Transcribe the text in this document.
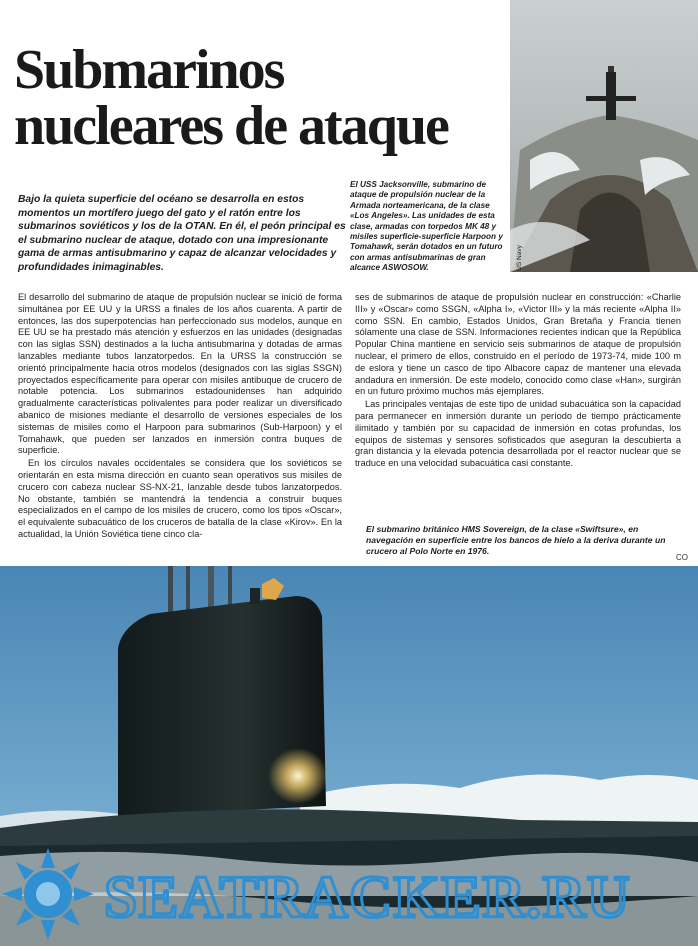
Submarinos
nucleares de ataque
Bajo la quieta superficie del océano se desarrolla en estos momentos un mortífero juego del gato y el ratón entre los submarinos soviéticos y los de la OTAN. En él, el peón principal es el submarino nuclear de ataque, dotado con una impresionante gama de armas antisubmarino y capaz de alcanzar velocidades y profundidades inimaginables.	US Navy
El USS Jacksonville, submarino de ataque de propulsión nuclear de la Armada norteamericana, de la clase «Los Angeles». Las unidades de esta clase, armadas con torpedos MK 48 y misiles superficie-superficie Harpoon y Tomahawk, serán dotados en un futuro con armas antisubmarinas de gran alcance ASWOSOW.

El desarrollo del submarino de ataque de propulsión nuclear se inició de forma simultánea por EE UU y la URSS a finales de los años cuarenta. A partir de entonces, las dos superpotencias han perfeccionado sus modelos, aunque en EE UU se ha prestado más atención y esfuerzos en las unidades (designadas con las siglas SSN) destinados a la lucha antisubmarina y dotadas de armas lanzables mediante tubos lanzatorpedos. En la URSS la construcción se orientó principalmente hacia otros modelos (designados con las siglas SSGN) proyectados específicamente para operar con misiles antibuque de crucero de notable potencia. Los submarinos estadounidenses han adquirido gradualmente características polivalentes para poder realizar un diversificado abanico de misiones mediante el desarrollo de versiones especiales de los sistemas de misiles como el Harpoon para submarinos (Sub-Harpoon) y el Tomahawk, que pueden ser lanzados en inmersión contra buques de superficie.

En los círculos navales occidentales se considera que los soviéticos se orientarán en esta misma dirección en cuanto sean operativos sus misiles de crucero con cabeza nuclear SS-NX-21, lanzable desde tubos lanzatorpedos. No obstante, también se mantendrá la tendencia a construir buques especializados en el campo de los misiles de crucero, como los tipos «Oscar», el equivalente subacuático de los cruceros de batalla de la clase «Kirov». En la actualidad, la Unión Soviética tiene cinco cla-

ses de submarinos de ataque de propulsión nuclear en construcción: «Charlie III» y «Oscar» como SSGN, «Alpha I», «Victor III» y la más reciente «Alpha II» como SSN. En cambio, Estados Unidos, Gran Bretaña y Francia tienen sólamente una clase de SSN. Informaciones recientes indican que la República Popular China mantiene en servicio seis submarinos de ataque de propulsión nuclear, el primero de ellos, construido en el período de 1973-74, mide 100 m de eslora y tiene un casco de tipo Albacore capaz de mantener una elevada andadura en inmersión. De este modelo, conocido como clase «Han», surgirán en un futuro próximo muchos más ejemplares.

Las principales ventajas de este tipo de unidad subacuática son la capacidad para permanecer en inmersión durante un período de tiempo prácticamente ilimitado y también por su capacidad de inmersión en cotas profundas, los equipos de sistemas y sensores sofisticados que aseguran la descubierta a gran distancia y la elevada potencia desarrollada por el reactor nuclear que se traduce en una velocidad subacuática casi constante.

El submarino británico HMS Sovereign, de la clase «Swiftsure», en navegación en superficie entre los bancos de hielo a la deriva durante un crucero al Polo Norte en 1976.
CO
SEATRACKER.RU
